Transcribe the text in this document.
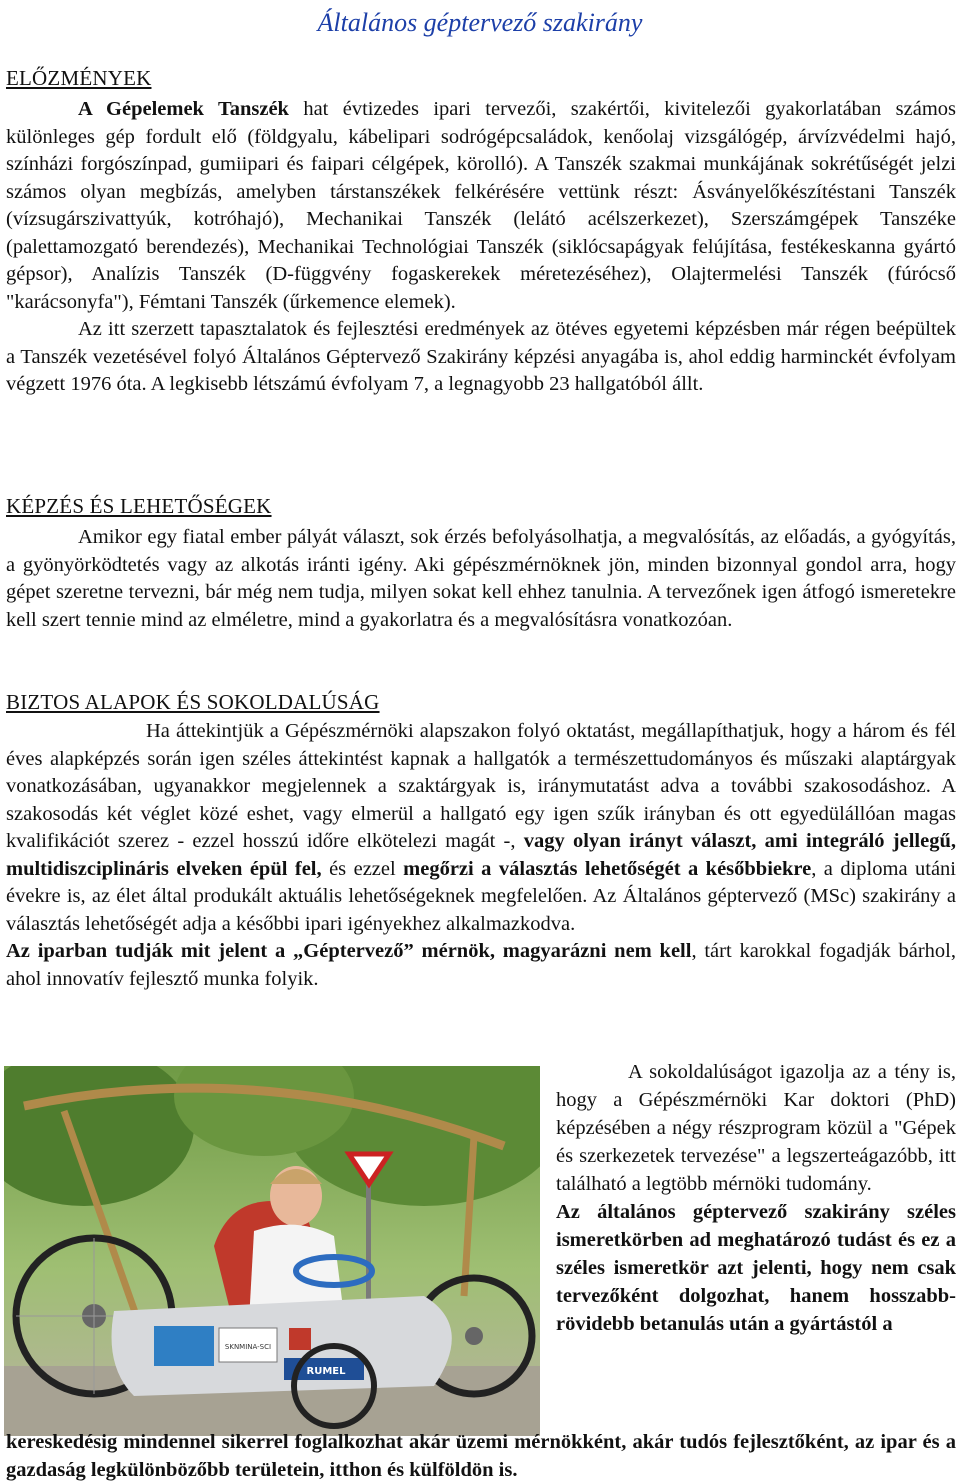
Általános géptervező szakirány
ELŐZMÉNYEK

A Gépelemek Tanszék hat évtizedes ipari tervezői, szakértői, kivitelezői gyakorlatában számos különleges gép fordult elő (földgyalu, kábelipari sodrógépcsaládok, kenőolaj vizsgálógép, árvízvédelmi hajó, színházi forgószínpad, gumiipari és faipari célgépek, körolló). A Tanszék szakmai munkájának sokrétűségét jelzi számos olyan megbízás, amelyben társtanszékek felkérésére vettünk részt: Ásványelőkészítéstani Tanszék (vízsugárszivattyúk, kotróhajó), Mechanikai Tanszék (lelátó acélszerkezet), Szerszámgépek Tanszéke (palettamozgató berendezés), Mechanikai Technológiai Tanszék (siklócsapágyak felújítása, festékeskanna gyártó gépsor), Analízis Tanszék (D-függvény fogaskerekek méretezéséhez), Olajtermelési Tanszék (fúrócső "karácsonyfa"), Fémtani Tanszék (űrkemence elemek).

Az itt szerzett tapasztalatok és fejlesztési eredmények az ötéves egyetemi képzésben már régen beépültek a Tanszék vezetésével folyó Általános Géptervező Szakirány képzési anyagába is, ahol eddig harminckét évfolyam végzett 1976 óta. A legkisebb létszámú évfolyam 7, a legnagyobb 23 hallgatóból állt.

KÉPZÉS ÉS LEHETŐSÉGEK

Amikor egy fiatal ember pályát választ, sok érzés befolyásolhatja, a megvalósítás, az előadás, a gyógyítás, a gyönyörködtetés vagy az alkotás iránti igény. Aki gépészmérnöknek jön, minden bizonnyal gondol arra, hogy gépet szeretne tervezni, bár még nem tudja, milyen sokat kell ehhez tanulnia. A tervezőnek igen átfogó ismeretekre kell szert tennie mind az elméletre, mind a gyakorlatra és a megvalósításra vonatkozóan.

BIZTOS ALAPOK ÉS SOKOLDALÚSÁG

Ha áttekintjük a Gépészmérnöki alapszakon folyó oktatást, megállapíthatjuk, hogy a három és fél éves alapképzés során igen széles áttekintést kapnak a hallgatók a természettudományos és műszaki alaptárgyak vonatkozásában, ugyanakkor megjelennek a szaktárgyak is, iránymutatást adva a további szakosodáshoz. A szakosodás két véglet közé eshet, vagy elmerül a hallgató egy igen szűk irányban és ott egyedülállóan magas kvalifikációt szerez - ezzel hosszú időre elkötelezi magát -, vagy olyan irányt választ, ami integráló jellegű, multidiszciplináris elveken épül fel, és ezzel megőrzi a választás lehetőségét a későbbiekre, a diploma utáni évekre is, az élet által produkált aktuális lehetőségeknek megfelelően. Az Általános géptervező (MSc) szakirány a választás lehetőségét adja a későbbi ipari igényekhez alkalmazkodva.

Az iparban tudják mit jelent a „Géptervező” mérnök, magyarázni nem kell, tárt karokkal fogadják bárhol, ahol innovatív fejlesztő munka folyik.

SKNMINA-SCI
RUMEL

A sokoldalúságot igazolja az a tény is, hogy a Gépészmérnöki Kar doktori (PhD) képzésében a négy részprogram közül a "Gépek és szerkezetek tervezése" a legszerteágazóbb, itt található a legtöbb mérnöki tudomány.

Az általános géptervező szakirány széles ismeretkörben ad meghatározó tudást és ez a széles ismeretkör azt jelenti, hogy nem csak tervezőként dolgozhat, hanem hosszabb-rövidebb betanulás után a gyártástól a

kereskedésig mindennel sikerrel foglalkozhat akár üzemi mérnökként, akár tudós fejlesztőként, az ipar és a gazdaság legkülönbözőbb területein, itthon és külföldön is.
